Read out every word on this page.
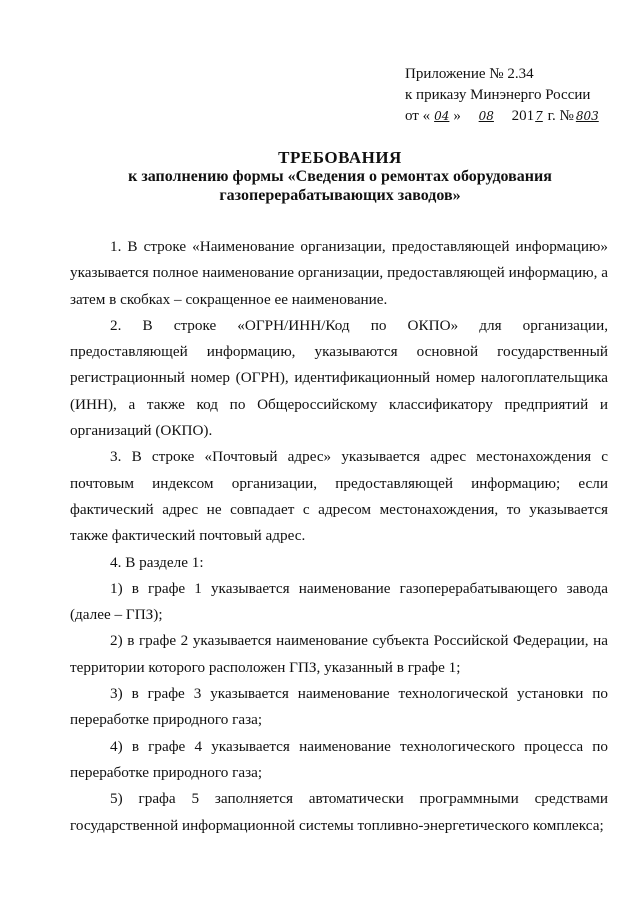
Приложение № 2.34
к приказу Минэнерго России
от « 04 » 08 2017 г. № 803
ТРЕБОВАНИЯ
к заполнению формы «Сведения о ремонтах оборудования
газоперерабатывающих заводов»

1. В строке «Наименование организации, предоставляющей информацию» указывается полное наименование организации, предоставляющей информацию, а затем в скобках – сокращенное ее наименование.

2. В строке «ОГРН/ИНН/Код по ОКПО» для организации, предоставляющей информацию, указываются основной государственный регистрационный номер (ОГРН), идентификационный номер налогоплательщика (ИНН), а также код по Общероссийскому классификатору предприятий и организаций (ОКПО).

3. В строке «Почтовый адрес» указывается адрес местонахождения с почтовым индексом организации, предоставляющей информацию; если фактический адрес не совпадает с адресом местонахождения, то указывается также фактический почтовый адрес.

4. В разделе 1:

1) в графе 1 указывается наименование газоперерабатывающего завода (далее – ГПЗ);

2) в графе 2 указывается наименование субъекта Российской Федерации, на территории которого расположен ГПЗ, указанный в графе 1;

3) в графе 3 указывается наименование технологической установки по переработке природного газа;

4) в графе 4 указывается наименование технологического процесса по переработке природного газа;

5) графа 5 заполняется автоматически программными средствами государственной информационной системы топливно-энергетического комплекса;
